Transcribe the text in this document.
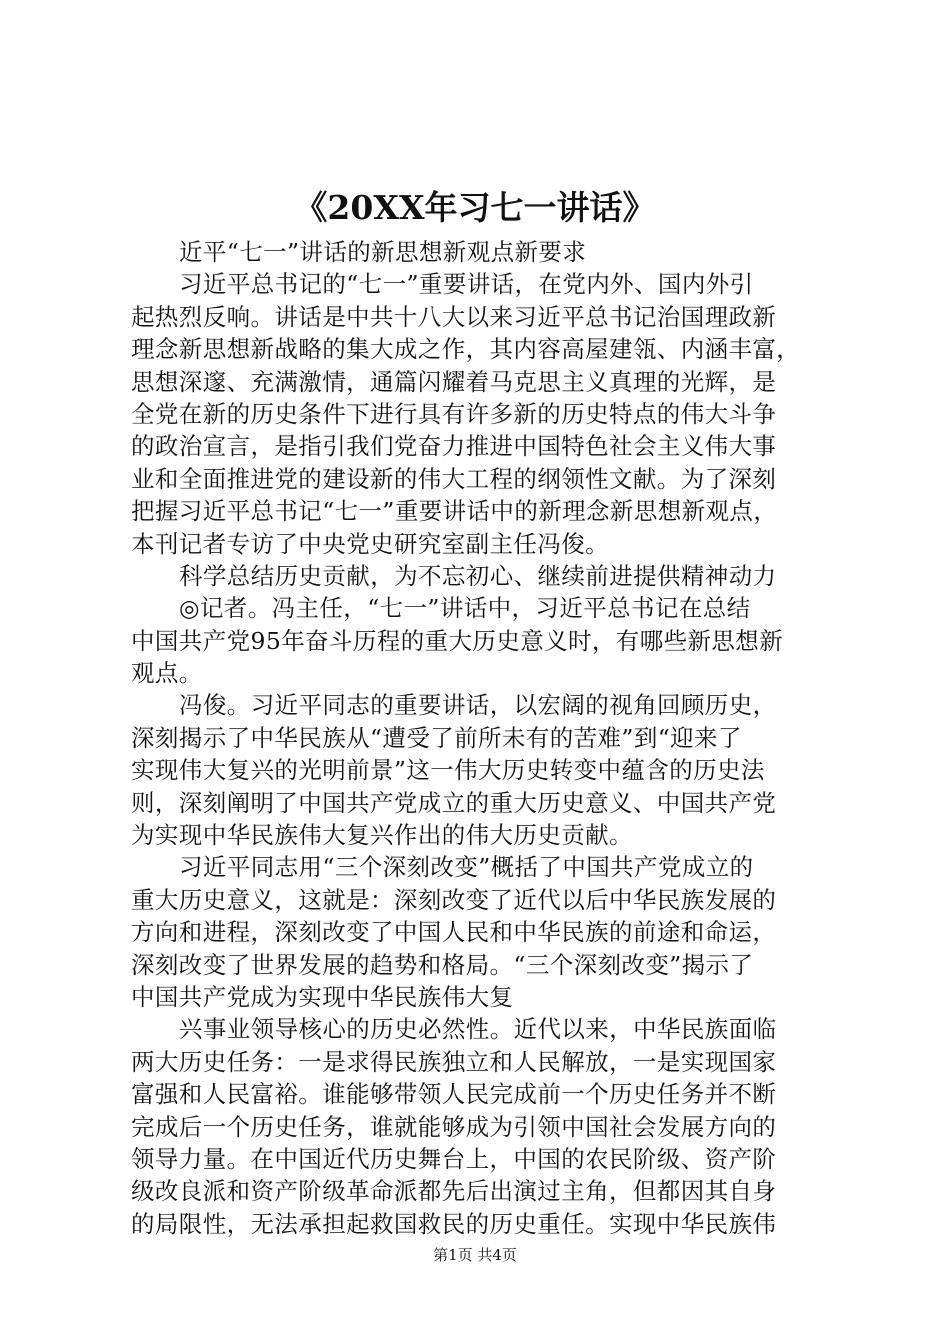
《20XX年习七一讲话》
近平“七一”讲话的新思想新观点新要求
习近平总书记的“七一”重要讲话，在党内外、国内外引
起热烈反响。讲话是中共十八大以来习近平总书记治国理政新
理念新思想新战略的集大成之作，其内容高屋建瓴、内涵丰富，
思想深邃、充满激情，通篇闪耀着马克思主义真理的光辉，是
全党在新的历史条件下进行具有许多新的历史特点的伟大斗争
的政治宣言，是指引我们党奋力推进中国特色社会主义伟大事
业和全面推进党的建设新的伟大工程的纲领性文献。为了深刻
把握习近平总书记“七一”重要讲话中的新理念新思想新观点，
本刊记者专访了中央党史研究室副主任冯俊。
科学总结历史贡献，为不忘初心、继续前进提供精神动力
◎记者。冯主任，“七一”讲话中，习近平总书记在总结
中国共产党95年奋斗历程的重大历史意义时，有哪些新思想新
观点。
冯俊。习近平同志的重要讲话，以宏阔的视角回顾历史，
深刻揭示了中华民族从“遭受了前所未有的苦难”到“迎来了
实现伟大复兴的光明前景”这一伟大历史转变中蕴含的历史法
则，深刻阐明了中国共产党成立的重大历史意义、中国共产党
为实现中华民族伟大复兴作出的伟大历史贡献。
习近平同志用“三个深刻改变”概括了中国共产党成立的
重大历史意义，这就是：深刻改变了近代以后中华民族发展的
方向和进程，深刻改变了中国人民和中华民族的前途和命运，
深刻改变了世界发展的趋势和格局。“三个深刻改变”揭示了
中国共产党成为实现中华民族伟大复
兴事业领导核心的历史必然性。近代以来，中华民族面临
两大历史任务：一是求得民族独立和人民解放，一是实现国家
富强和人民富裕。谁能够带领人民完成前一个历史任务并不断
完成后一个历史任务，谁就能够成为引领中国社会发展方向的
领导力量。在中国近代历史舞台上，中国的农民阶级、资产阶
级改良派和资产阶级革命派都先后出演过主角，但都因其自身
的局限性，无法承担起救国救民的历史重任。实现中华民族伟
第1页 共4页
